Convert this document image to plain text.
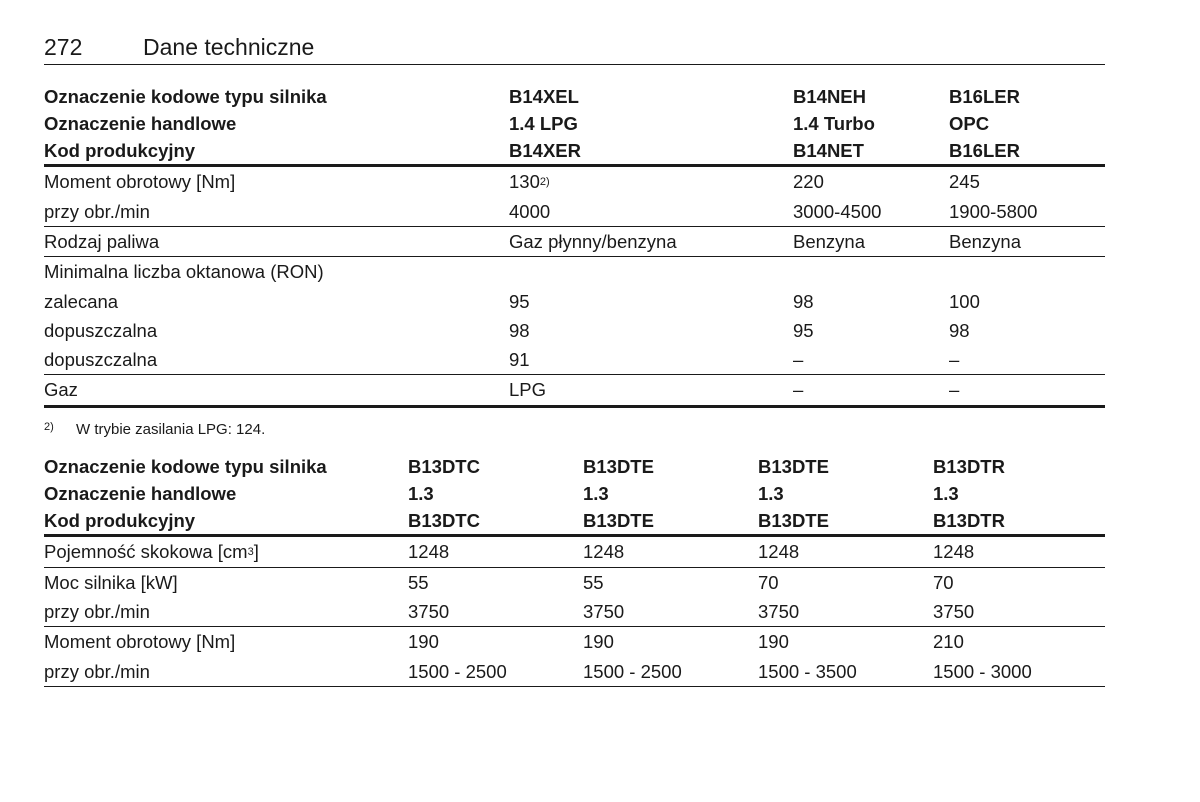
272	Dane techniczne
Oznaczenie kodowe typu silnika	B14XEL	B14NEH	B16LER
Oznaczenie handlowe	1.4 LPG	1.4 Turbo	OPC
Kod produkcyjny	B14XER	B14NET	B16LER
Moment obrotowy [Nm]	130$^{2)}$	220	245
przy obr./min	4000	3000-4500	1900-5800
Rodzaj paliwa	Gaz płynny/benzyna	Benzyna	Benzyna
Minimalna liczba oktanowa (RON)			
zalecana	95	98	100
dopuszczalna	98	95	98
dopuszczalna	91	–	–
Gaz	LPG	–	–
2) W trybie zasilania LPG: 124.
Oznaczenie kodowe typu silnika	B13DTC	B13DTE	B13DTE	B13DTR
Oznaczenie handlowe	1.3	1.3	1.3	1.3
Kod produkcyjny	B13DTC	B13DTE	B13DTE	B13DTR
Pojemność skokowa $[cm^3]$	1248	1248	1248	1248
Moc silnika [kW]	55	55	70	70
przy obr./min	3750	3750	3750	3750
Moment obrotowy [Nm]	190	190	190	210
przy obr./min	1500 - 2500	1500 - 2500	1500 - 3500	1500 - 3000
